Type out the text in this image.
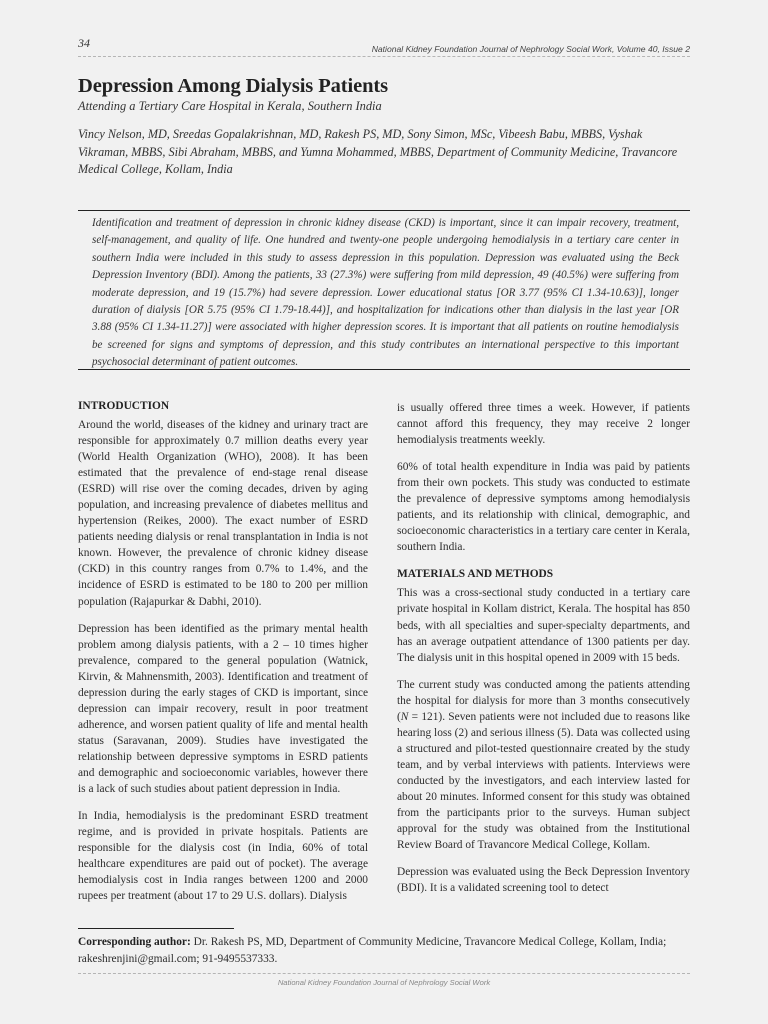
34	National Kidney Foundation Journal of Nephrology Social Work, Volume 40, Issue 2
Depression Among Dialysis Patients

Attending a Tertiary Care Hospital in Kerala, Southern India

Vincy Nelson, MD, Sreedas Gopalakrishnan, MD, Rakesh PS, MD, Sony Simon, MSc, Vibeesh Babu, MBBS, Vyshak Vikraman, MBBS, Sibi Abraham, MBBS, and Yumna Mohammed, MBBS, Department of Community Medicine, Travancore Medical College, Kollam, India

Identification and treatment of depression in chronic kidney disease (CKD) is important, since it can impair recovery, treatment, self-management, and quality of life. One hundred and twenty-one people undergoing hemodialysis in a tertiary care center in southern India were included in this study to assess depression in this population. Depression was evaluated using the Beck Depression Inventory (BDI). Among the patients, 33 (27.3%) were suffering from mild depression, 49 (40.5%) were suffering from moderate depression, and 19 (15.7%) had severe depression. Lower educational status [OR 3.77 (95% CI 1.34-10.63)], longer duration of dialysis [OR 5.75 (95% CI 1.79-18.44)], and hospitalization for indications other than dialysis in the last year [OR 3.88 (95% CI 1.34-11.27)] were associated with higher depression scores. It is important that all patients on routine hemodialysis be screened for signs and symptoms of depression, and this study contributes an international perspective to this important psychosocial determinant of patient outcomes.

INTRODUCTION

Around the world, diseases of the kidney and urinary tract are responsible for approximately 0.7 million deaths every year (World Health Organization (WHO), 2008). It has been estimated that the prevalence of end-stage renal disease (ESRD) will rise over the coming decades, driven by aging population, and increasing prevalence of diabetes mellitus and hypertension (Reikes, 2000). The exact number of ESRD patients needing dialysis or renal transplantation in India is not known. However, the prevalence of chronic kidney disease (CKD) in this country ranges from 0.7% to 1.4%, and the incidence of ESRD is estimated to be 180 to 200 per million population (Rajapurkar & Dabhi, 2010).

Depression has been identified as the primary mental health problem among dialysis patients, with a 2 – 10 times higher prevalence, compared to the general population (Watnick, Kirvin, & Mahnensmith, 2003). Identification and treatment of depression during the early stages of CKD is important, since depression can impair recovery, result in poor treatment adherence, and worsen patient quality of life and mental health status (Saravanan, 2009). Studies have investigated the relationship between depressive symptoms in ESRD patients and demographic and socioeconomic variables, however there is a lack of such studies about patient depression in India.

In India, hemodialysis is the predominant ESRD treatment regime, and is provided in private hospitals. Patients are responsible for the dialysis cost (in India, 60% of total healthcare expenditures are paid out of pocket). The average hemodialysis cost in India ranges between 1200 and 2000 rupees per treatment (about 17 to 29 U.S. dollars). Dialysis

is usually offered three times a week. However, if patients cannot afford this frequency, they may receive 2 longer hemodialysis treatments weekly.

60% of total health expenditure in India was paid by patients from their own pockets. This study was conducted to estimate the prevalence of depressive symptoms among hemodialysis patients, and its relationship with clinical, demographic, and socioeconomic characteristics in a tertiary care center in Kerala, southern India.

MATERIALS AND METHODS

This was a cross-sectional study conducted in a tertiary care private hospital in Kollam district, Kerala. The hospital has 850 beds, with all specialties and super-specialty departments, and has an average outpatient attendance of 1300 patients per day. The dialysis unit in this hospital opened in 2009 with 15 beds.

The current study was conducted among the patients attending the hospital for dialysis for more than 3 months consecutively (N = 121). Seven patients were not included due to reasons like hearing loss (2) and serious illness (5). Data was collected using a structured and pilot-tested questionnaire created by the study team, and by verbal interviews with patients. Interviews were conducted by the investigators, and each interview lasted for about 20 minutes. Informed consent for this study was obtained from the participants prior to the surveys. Human subject approval for the study was obtained from the Institutional Review Board of Travancore Medical College, Kollam.

Depression was evaluated using the Beck Depression Inventory (BDI). It is a validated screening tool to detect

Corresponding author: Dr. Rakesh PS, MD, Department of Community Medicine, Travancore Medical College, Kollam, India; rakeshrenjini@gmail.com; 91-9495537333.

National Kidney Foundation Journal of Nephrology Social Work
